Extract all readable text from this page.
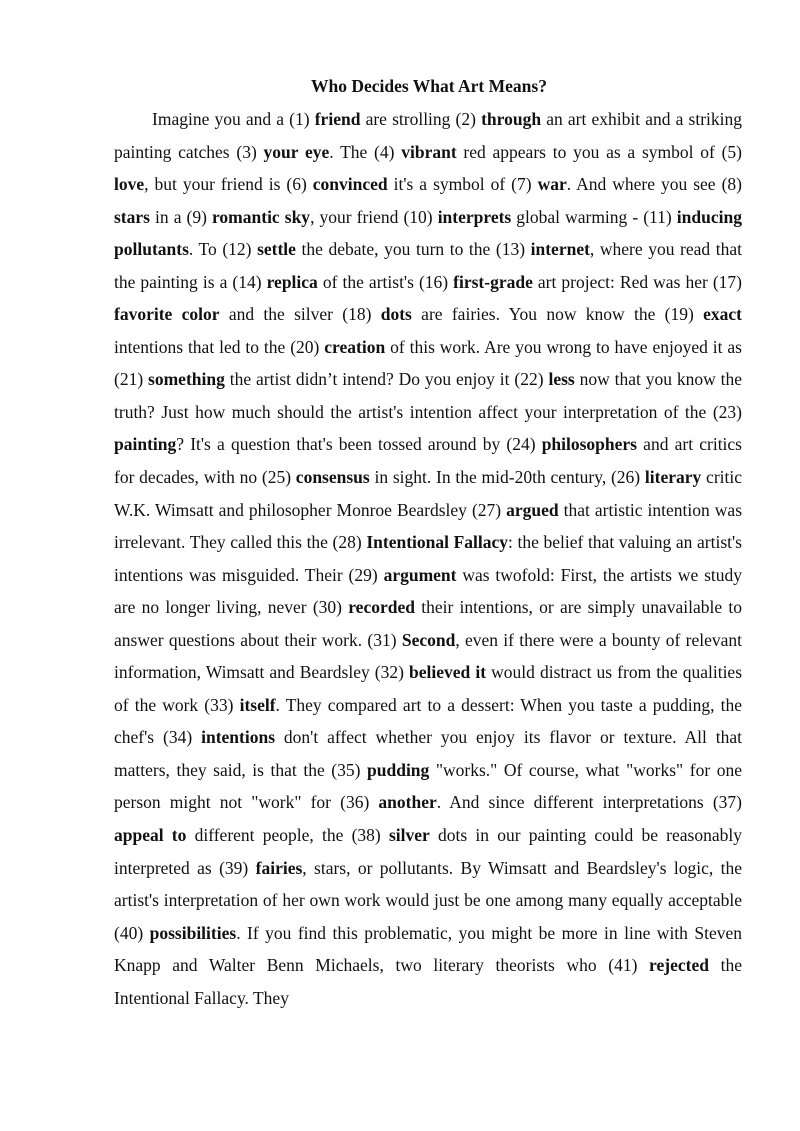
Who Decides What Art Means?

Imagine you and a (1) friend are strolling (2) through an art exhibit and a striking painting catches (3) your eye. The (4) vibrant red appears to you as a symbol of (5) love, but your friend is (6) convinced it's a symbol of (7) war. And where you see (8) stars in a (9) romantic sky, your friend (10) interprets global warming - (11) inducing pollutants. To (12) settle the debate, you turn to the (13) internet, where you read that the painting is a (14) replica of the artist's (16) first-grade art project: Red was her (17) favorite color and the silver (18) dots are fairies. You now know the (19) exact intentions that led to the (20) creation of this work. Are you wrong to have enjoyed it as (21) something the artist didn’t intend? Do you enjoy it (22) less now that you know the truth? Just how much should the artist's intention affect your interpretation of the (23) painting? It's a question that's been tossed around by (24) philosophers and art critics for decades, with no (25) consensus in sight. In the mid-20th century, (26) literary critic W.K. Wimsatt and philosopher Monroe Beardsley (27) argued that artistic intention was irrelevant. They called this the (28) Intentional Fallacy: the belief that valuing an artist's intentions was misguided. Their (29) argument was twofold: First, the artists we study are no longer living, never (30) recorded their intentions, or are simply unavailable to answer questions about their work. (31) Second, even if there were a bounty of relevant information, Wimsatt and Beardsley (32) believed it would distract us from the qualities of the work (33) itself. They compared art to a dessert: When you taste a pudding, the chef's (34) intentions don't affect whether you enjoy its flavor or texture. All that matters, they said, is that the (35) pudding "works." Of course, what "works" for one person might not "work" for (36) another. And since different interpretations (37) appeal to different people, the (38) silver dots in our painting could be reasonably interpreted as (39) fairies, stars, or pollutants. By Wimsatt and Beardsley's logic, the artist's interpretation of her own work would just be one among many equally acceptable (40) possibilities. If you find this problematic, you might be more in line with Steven Knapp and Walter Benn Michaels, two literary theorists who (41) rejected the Intentional Fallacy. They
